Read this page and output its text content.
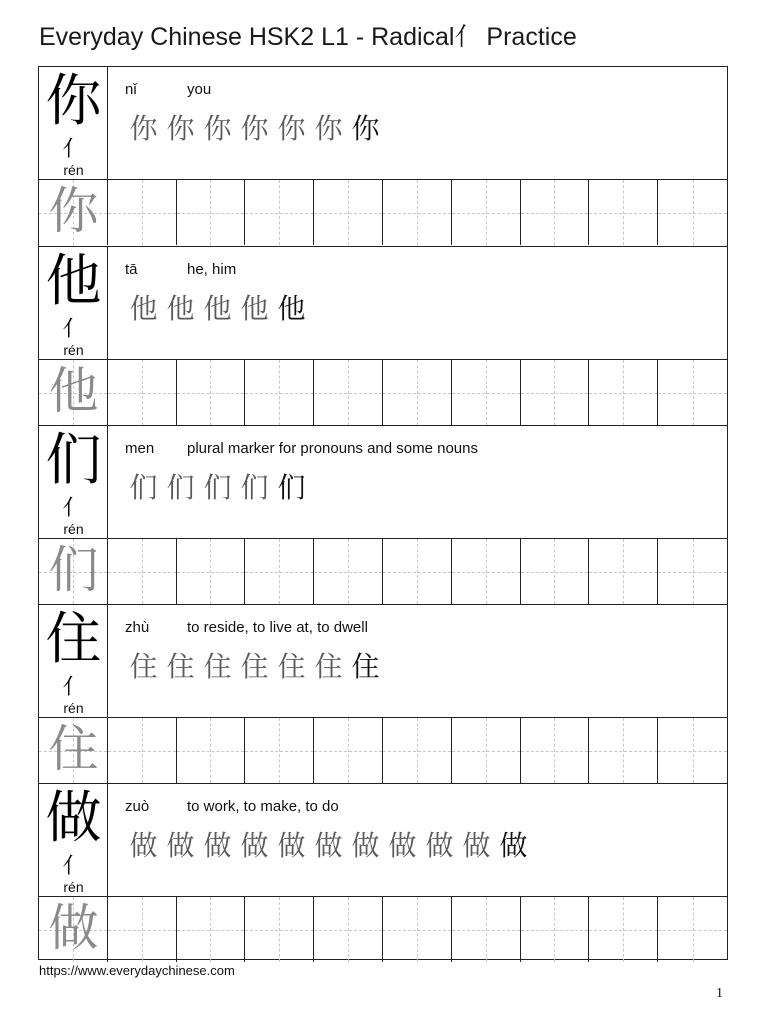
Everyday Chinese HSK2 L1 - Radical亻 Practice
你
亻
rén
nǐ	you
你 你 你 你 你 你 你
你
他
亻
rén
tā	he, him
他 他 他 他 他
他
们
亻
rén
men plural marker for pronouns and some nouns
们 们 们 们 们
们
住
亻
rén
zhù	to reside, to live at, to dwell
住 住 住 住 住 住 住
住
做
亻
rén
zuò	to work, to make, to do
做 做 做 做 做 做 做 做 做 做 做
做
https://www.everydaychinese.com
1
